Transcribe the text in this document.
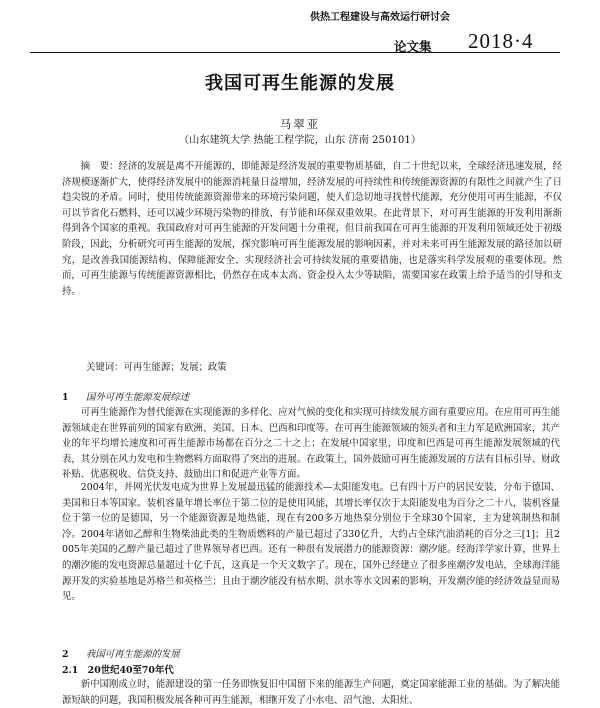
供热工程建设与高效运行研讨会
论文集 2018·4
我国可再生能源的发展
马翠亚
（山东建筑大学 热能工程学院，山东 济南 250101）

摘　要：经济的发展是离不开能源的，即能源是经济发展的重要物质基础，自二十世纪以来，全球经济迅速发展，经济规模逐渐扩大，使得经济发展中的能源消耗量日益增加，经济发展的可持续性和传统能源资源的有限性之间就产生了日趋尖锐的矛盾。同时，使用传统能源资源带来的环境污染问题，使人们急切地寻找替代能源，充分使用可再生能源，不仅可以节省化石燃料，还可以减少环境污染物的排放，有节能和环保双重效果。在此背景下，对可再生能源的开发利用渐渐得到各个国家的重视。我国政府对可再生能源的开发问题十分重视，但目前我国在可再生能源的开发利用领域还处于初级阶段，因此，分析研究可再生能源的发展，探究影响可再生能源发展的影响因素，并对未来可再生能源发展的路径加以研究，是改善我国能源结构、保障能源安全、实现经济社会可持续发展的重要措施，也是落实科学发展观的重要体现。然而，可再生能源与传统能源资源相比，仍然存在成本太高、资金投入太少等缺陷，需要国家在政策上给予适当的引导和支持。

关键词：可再生能源；发展；政策
1 国外可再生能源发展综述

可再生能源作为替代能源在实现能源的多样化、应对气候的变化和实现可持续发展方面有重要应用。在应用可再生能源领域走在世界前列的国家有欧洲、美国、日本、巴西和印度等。在可再生能源领域的领头者和主力军是欧洲国家，其产业的年平均增长速度和可再生能源市场都在百分之二十之上；在发展中国家里，印度和巴西是可再生能源发展领域的代表，其分别在风力发电和生物燃料方面取得了突出的进展。在政策上，国外鼓励可再生能源发展的方法有目标引导、财政补贴、优惠税收、信贷支持、鼓励出口和促进产业等方面。

2004年，并网光伏发电成为世界上发展最迅猛的能源技术—太阳能发电。已有四十万户的居民安装，分布于德国、美国和日本等国家。装机容量年增长率位于第二位的是使用风能，其增长率仅次于太阳能发电为百分之二十八，装机容量位于第一位的是德国，另一个能源资源是地热能，现在有200多万地热泵分别位于全球30个国家，主为建筑制热和制冷。2004年诸如乙醇和生物柴油此类的生物质燃料的产量已超过了330亿升，大约占全球汽油消耗的百分之三[1]；且2005年美国的乙醇产量已超过了世界领导者巴西。还有一种很有发展潜力的能源资源：潮汐能。经海洋学家计算，世界上的潮汐能的发电资源总量超过十亿千瓦，这真是一个天文数字了。现在，国外已经建立了很多座潮汐发电站，全球海洋能源开发的实验基地是苏格兰和英格兰；且由于潮汐能没有枯水期、洪水等水文因素的影响，开发潮汐能的经济效益显而易见。

2 我国可再生能源的发展
2.1　20世纪40至70年代

新中国刚成立时，能源建设的第一任务即恢复旧中国留下来的能源生产问题，奠定国家能源工业的基础。为了解决能源短缺的问题，我国积极发展各种可再生能源，相继开发了小水电、沼气池、太阳灶、
